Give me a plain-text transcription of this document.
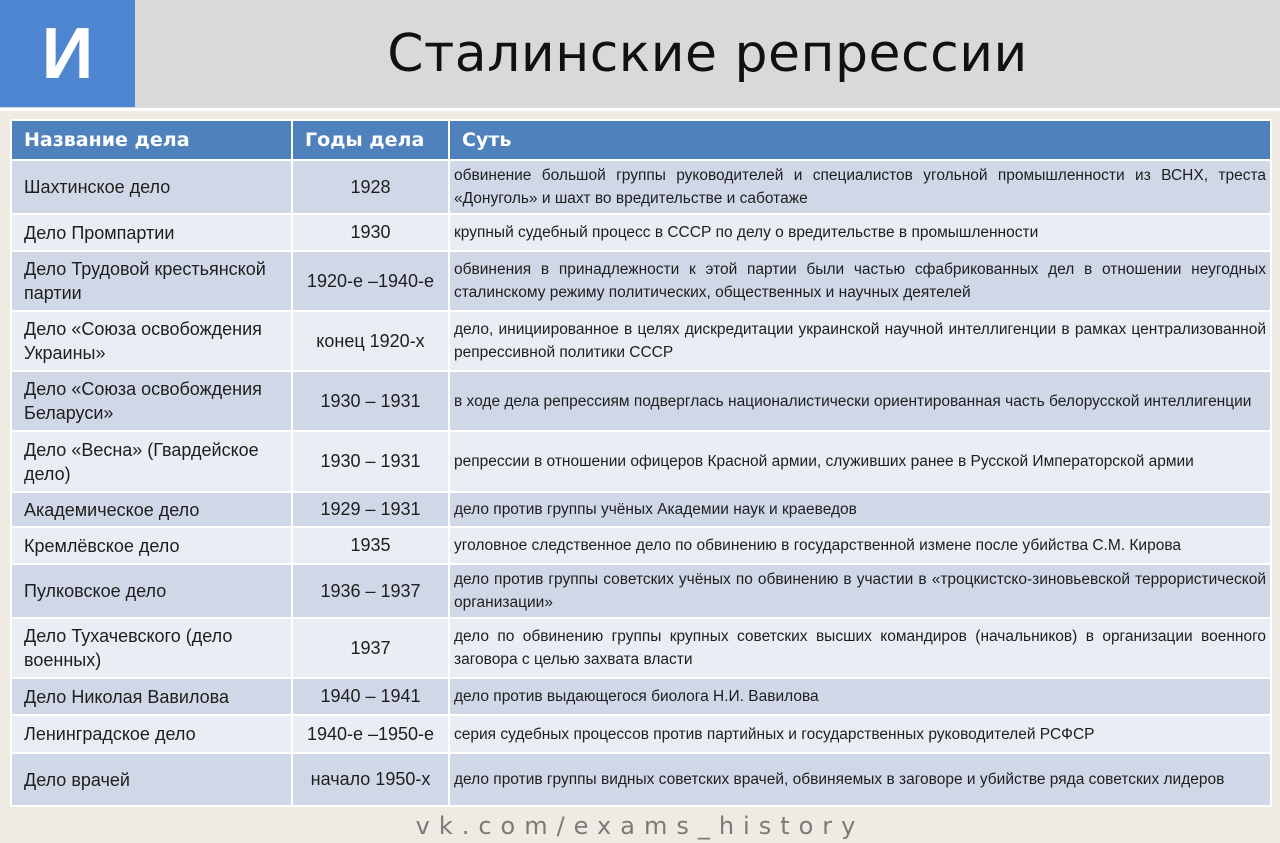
И	Сталинские репрессии
Название дела	Годы дела	Суть
Шахтинское дело	1928	обвинение большой группы руководителей и специалистов угольной промышленности из ВСНХ, треста «Донуголь» и шахт во вредительстве и саботаже
Дело Промпартии	1930	крупный судебный процесс в СССР по делу о вредительстве в промышленности
Дело Трудовой крестьянской партии	1920-е –1940-е	обвинения в принадлежности к этой партии были частью сфабрикованных дел в отношении неугодных сталинскому режиму политических, общественных и научных деятелей
Дело «Союза освобождения Украины»	конец 1920-х	дело, инициированное в целях дискредитации украинской научной интеллигенции в рамках централизованной репрессивной политики СССР
Дело «Союза освобождения Беларуси»	1930 – 1931	в ходе дела репрессиям подверглась националистически ориентированная часть белорусской интеллигенции
Дело «Весна» (Гвардейское дело)	1930 – 1931	репрессии в отношении офицеров Красной армии, служивших ранее в Русской Императорской армии
Академическое дело	1929 – 1931	дело против группы учёных Академии наук и краеведов
Кремлёвское дело	1935	уголовное следственное дело по обвинению в государственной измене после убийства С.М. Кирова
Пулковское дело	1936 – 1937	дело против группы советских учёных по обвинению в участии в «троцкистско-зиновьевской террористической организации»
Дело Тухачевского (дело военных)	1937	дело по обвинению группы крупных советских высших командиров (начальников) в организации военного заговора с целью захвата власти
Дело Николая Вавилова	1940 – 1941	дело против выдающегося биолога Н.И. Вавилова
Ленинградское дело	1940-е –1950-е	серия судебных процессов против партийных и государственных руководителей РСФСР
Дело врачей	начало 1950-х	дело против группы видных советских врачей, обвиняемых в заговоре и убийстве ряда советских лидеров
vk.com/exams_history
